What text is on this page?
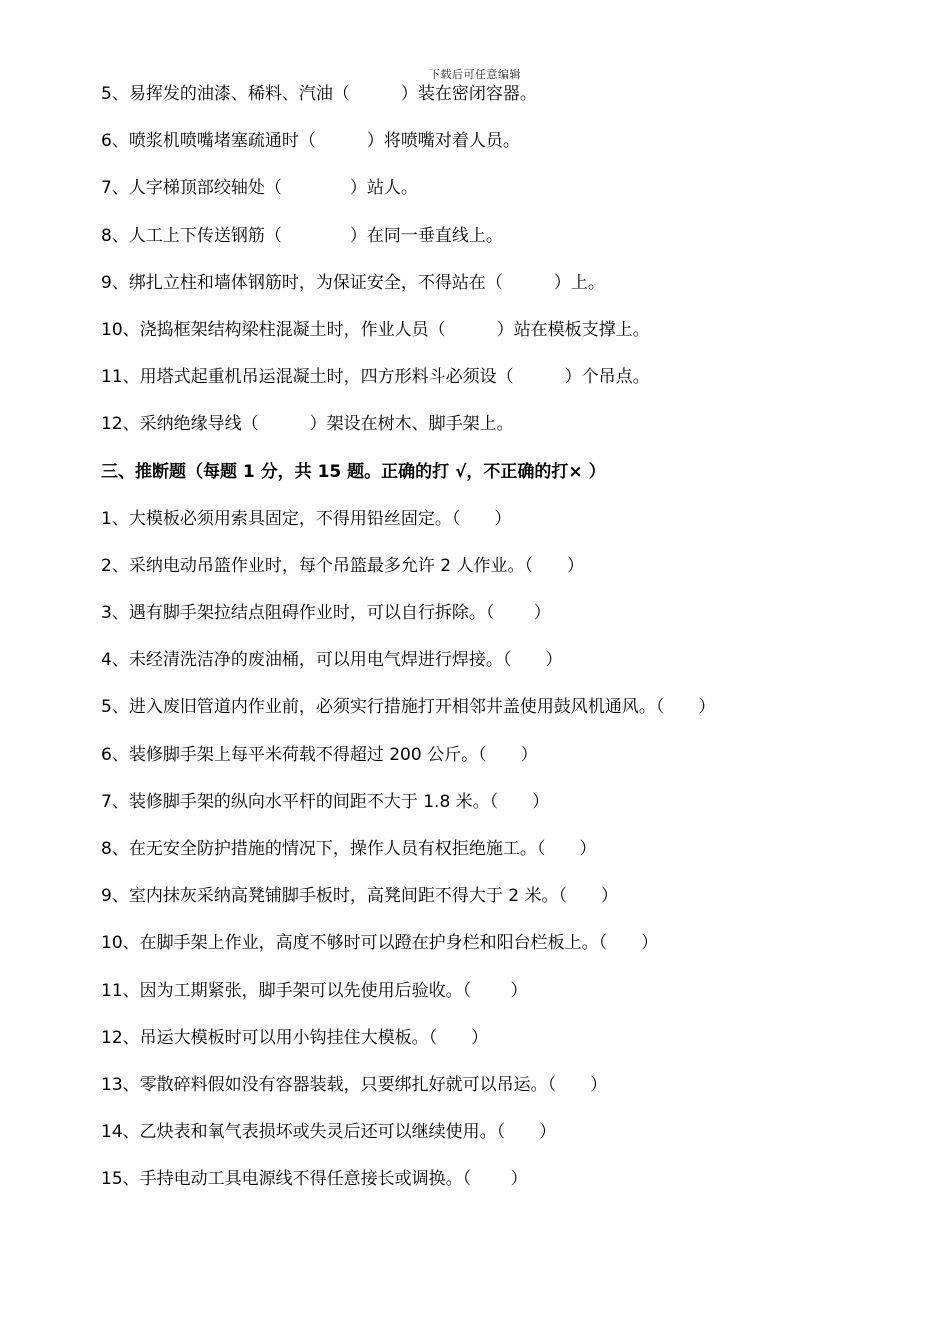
下载后可任意编辑
5、易挥发的油漆、稀料、汽油（　　　）装在密闭容器。
6、喷浆机喷嘴堵塞疏通时（　　　）将喷嘴对着人员。
7、人字梯顶部绞轴处（　　　　）站人。
8、人工上下传送钢筋（　　　　）在同一垂直线上。
9、绑扎立柱和墙体钢筋时，为保证安全，不得站在（　　　）上。
10、浇捣框架结构梁柱混凝土时，作业人员（　　　）站在模板支撑上。
11、用塔式起重机吊运混凝土时，四方形料斗必须设（　　　）个吊点。
12、采纳绝缘导线（　　　）架设在树木、脚手架上。
三、推断题（每题 1 分，共 15 题。正确的打 √，不正确的打× ）
1、大模板必须用索具固定，不得用铅丝固定。（　　）
2、采纳电动吊篮作业时，每个吊篮最多允许 2 人作业。（　　）
3、遇有脚手架拉结点阻碍作业时，可以自行拆除。（　　 ）
4、未经清洗洁净的废油桶，可以用电气焊进行焊接。（　　）
5、进入废旧管道内作业前，必须实行措施打开相邻井盖使用鼓风机通风。（　　）
6、装修脚手架上每平米荷载不得超过 200 公斤。（　　）
7、装修脚手架的纵向水平杆的间距不大于 1.8 米。（　　）
8、在无安全防护措施的情况下，操作人员有权拒绝施工。（　　）
9、室内抹灰采纳高凳铺脚手板时，高凳间距不得大于 2 米。（　　）
10、在脚手架上作业，高度不够时可以蹬在护身栏和阳台栏板上。（　　）
11、因为工期紧张，脚手架可以先使用后验收。（　　 ）
12、吊运大模板时可以用小钩挂住大模板。（　　）
13、零散碎料假如没有容器装载，只要绑扎好就可以吊运。（　　）
14、乙炔表和氧气表损坏或失灵后还可以继续使用。（　　）
15、手持电动工具电源线不得任意接长或调换。（　　 ）
